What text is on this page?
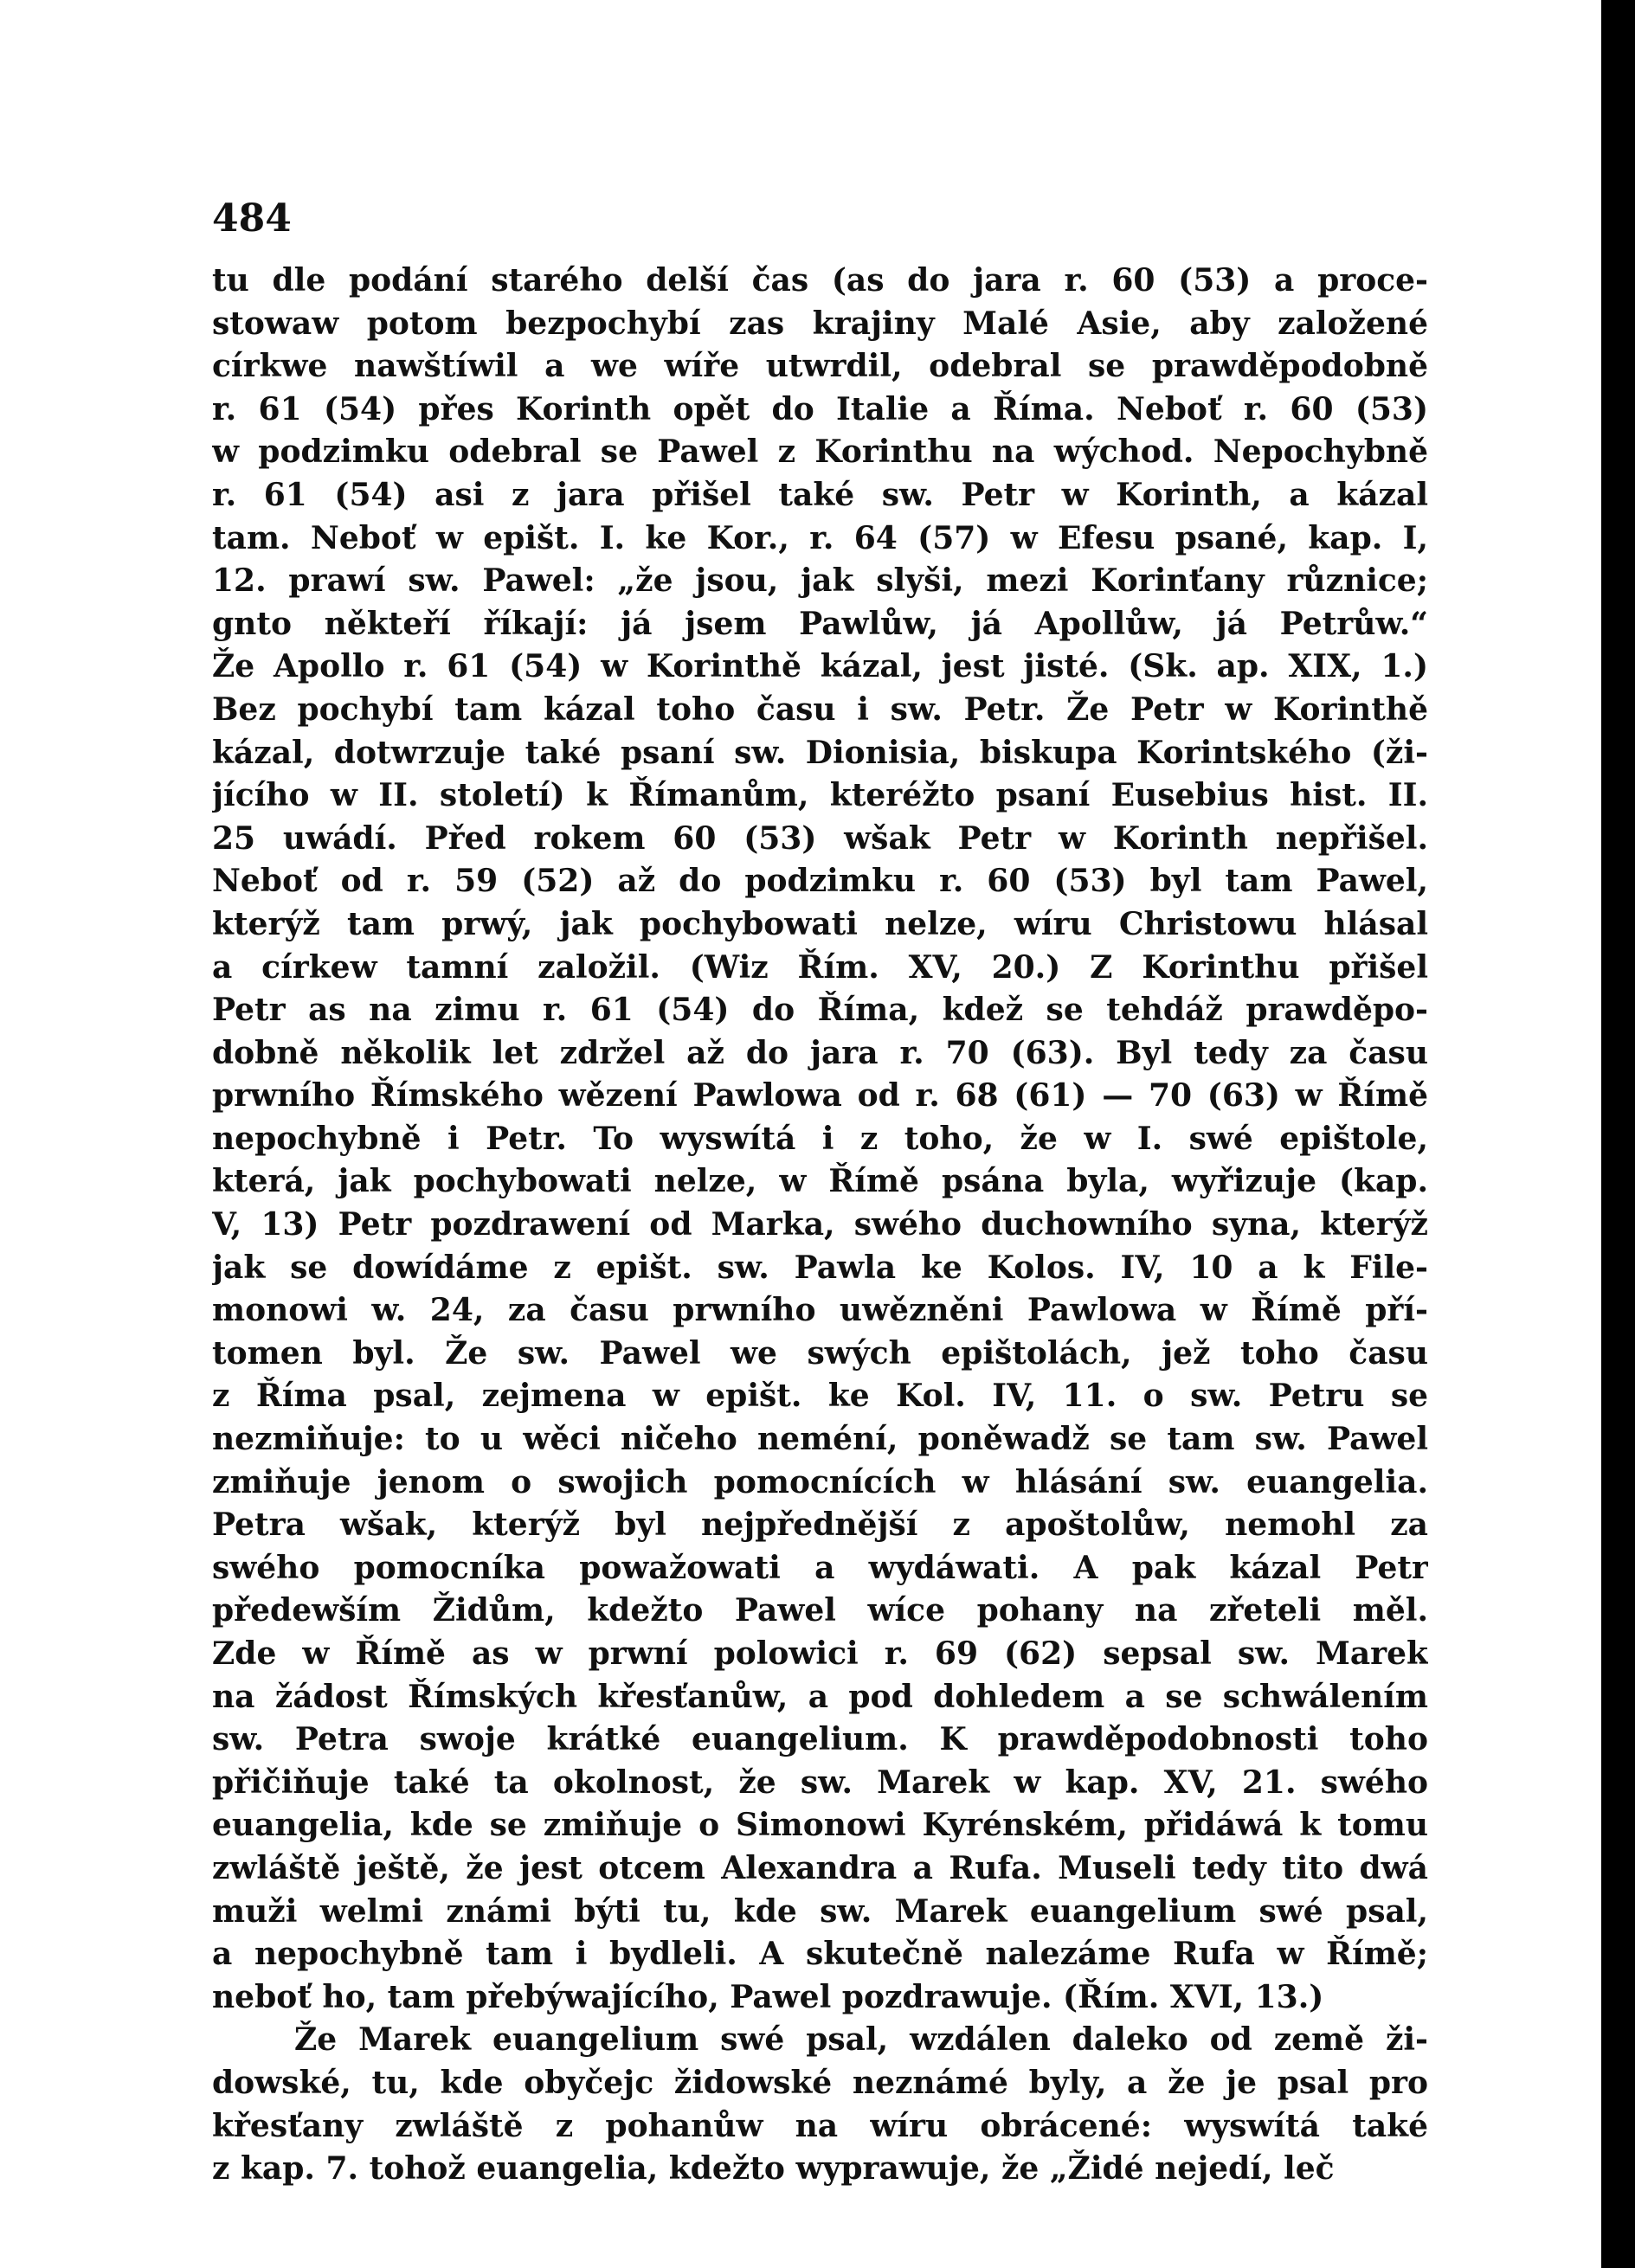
484
tu dle podání starého delší čas (as do jara r. 60 (53) a proce-
stowaw potom bezpochybí zas krajiny Malé Asie, aby založené
církwe nawštíwil a we wíře utwrdil, odebral se prawděpodobně
r. 61 (54) přes Korinth opět do Italie a Říma. Neboť r. 60 (53)
w podzimku odebral se Pawel z Korinthu na wýchod. Nepochybně
r. 61 (54) asi z jara přišel také sw. Petr w Korinth, a kázal
tam. Neboť w epišt. I. ke Kor., r. 64 (57) w Efesu psané, kap. I,
12. prawí sw. Pawel: „že jsou, jak slyši, mezi Korinťany různice;
gnto někteří říkají: já jsem Pawlůw, já Apollůw, já Petrůw.“
Že Apollo r. 61 (54) w Korinthě kázal, jest jisté. (Sk. ap. XIX, 1.)
Bez pochybí tam kázal toho času i sw. Petr. Že Petr w Korinthě
kázal, dotwrzuje také psaní sw. Dionisia, biskupa Korintského (ži-
jícího w II. století) k Římanům, kteréžto psaní Eusebius hist. II.
25 uwádí. Před rokem 60 (53) wšak Petr w Korinth nepřišel.
Neboť od r. 59 (52) až do podzimku r. 60 (53) byl tam Pawel,
kterýž tam prwý, jak pochybowati nelze, wíru Christowu hlásal
a církew tamní založil. (Wiz Řím. XV, 20.) Z Korinthu přišel
Petr as na zimu r. 61 (54) do Říma, kdež se tehdáž prawděpo-
dobně několik let zdržel až do jara r. 70 (63). Byl tedy za času
prwního Římského wězení Pawlowa od r. 68 (61) — 70 (63) w Římě
nepochybně i Petr. To wyswítá i z toho, že w I. swé epištole,
která, jak pochybowati nelze, w Římě psána byla, wyřizuje (kap.
V, 13) Petr pozdrawení od Marka, swého duchowního syna, kterýž
jak se dowídáme z epišt. sw. Pawla ke Kolos. IV, 10 a k File-
monowi w. 24, za času prwního uwězněni Pawlowa w Římě pří-
tomen byl. Že sw. Pawel we swých epištolách, jež toho času
z Říma psal, zejmena w epišt. ke Kol. IV, 11. o sw. Petru se
nezmiňuje: to u wěci ničeho neméní, poněwadž se tam sw. Pawel
zmiňuje jenom o swojich pomocnících w hlásání sw. euangelia.
Petra wšak, kterýž byl nejpřednější z apoštolůw, nemohl za
swého pomocníka powažowati a wydáwati. A pak kázal Petr
předewším Židům, kdežto Pawel wíce pohany na zřeteli měl.
Zde w Římě as w prwní polowici r. 69 (62) sepsal sw. Marek
na žádost Římských křesťanůw, a pod dohledem a se schwálením
sw. Petra swoje krátké euangelium. K prawděpodobnosti toho
přičiňuje také ta okolnost, že sw. Marek w kap. XV, 21. swého
euangelia, kde se zmiňuje o Simonowi Kyrénském, přidáwá k tomu
zwláště ještě, že jest otcem Alexandra a Rufa. Museli tedy tito dwá
muži welmi známi býti tu, kde sw. Marek euangelium swé psal,
a nepochybně tam i bydleli. A skutečně nalezáme Rufa w Římě;
neboť ho, tam přebýwajícího, Pawel pozdrawuje. (Řím. XVI, 13.)
Že Marek euangelium swé psal, wzdálen daleko od země ži-
dowské, tu, kde obyčejc židowské neznámé byly, a že je psal pro
křesťany zwláště z pohanůw na wíru obrácené: wyswítá také
z kap. 7. tohož euangelia, kdežto wyprawuje, že „Židé nejedí, leč
